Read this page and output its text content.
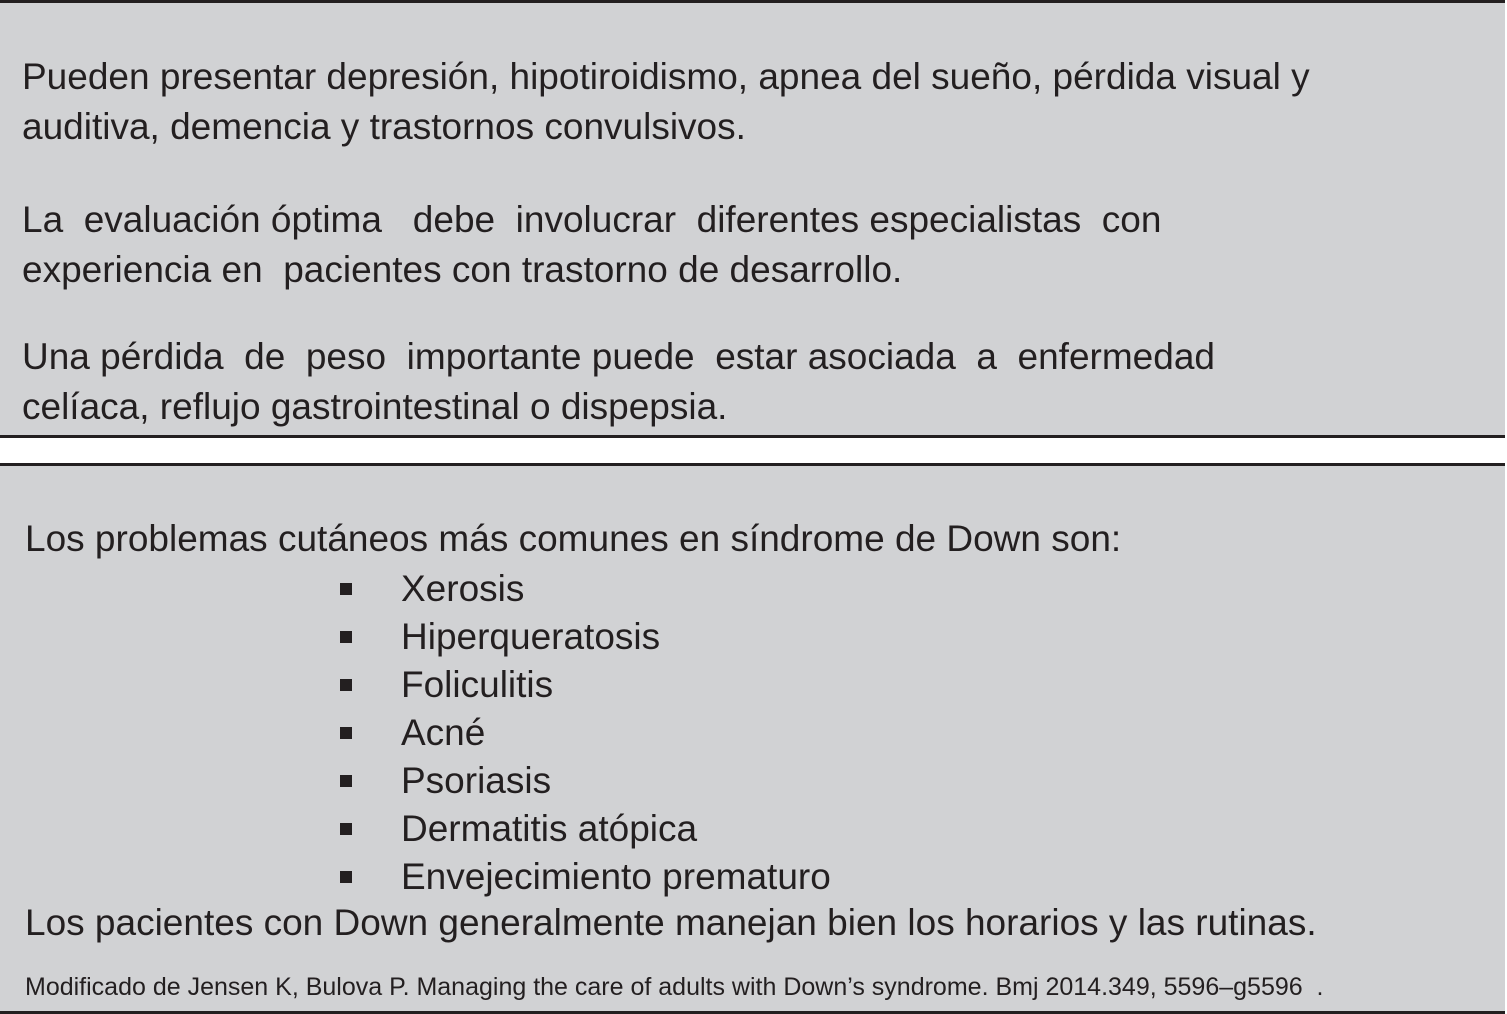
Pueden presentar depresión, hipotiroidismo, apnea del sueño, pérdida visual y
auditiva, demencia y trastornos convulsivos.

La  evaluación óptima   debe  involucrar  diferentes especialistas  con
experiencia en  pacientes con trastorno de desarrollo.

Una pérdida  de  peso  importante puede  estar asociada  a  enfermedad
celíaca, reflujo gastrointestinal o dispepsia.

Los problemas cutáneos más comunes en síndrome de Down son:

Xerosis
Hiperqueratosis
Foliculitis
Acné
Psoriasis
Dermatitis atópica
Envejecimiento prematuro

Los pacientes con Down generalmente manejan bien los horarios y las rutinas.

Modificado de Jensen K, Bulova P. Managing the care of adults with Down’s syndrome. Bmj 2014.349, 5596–g5596  .
